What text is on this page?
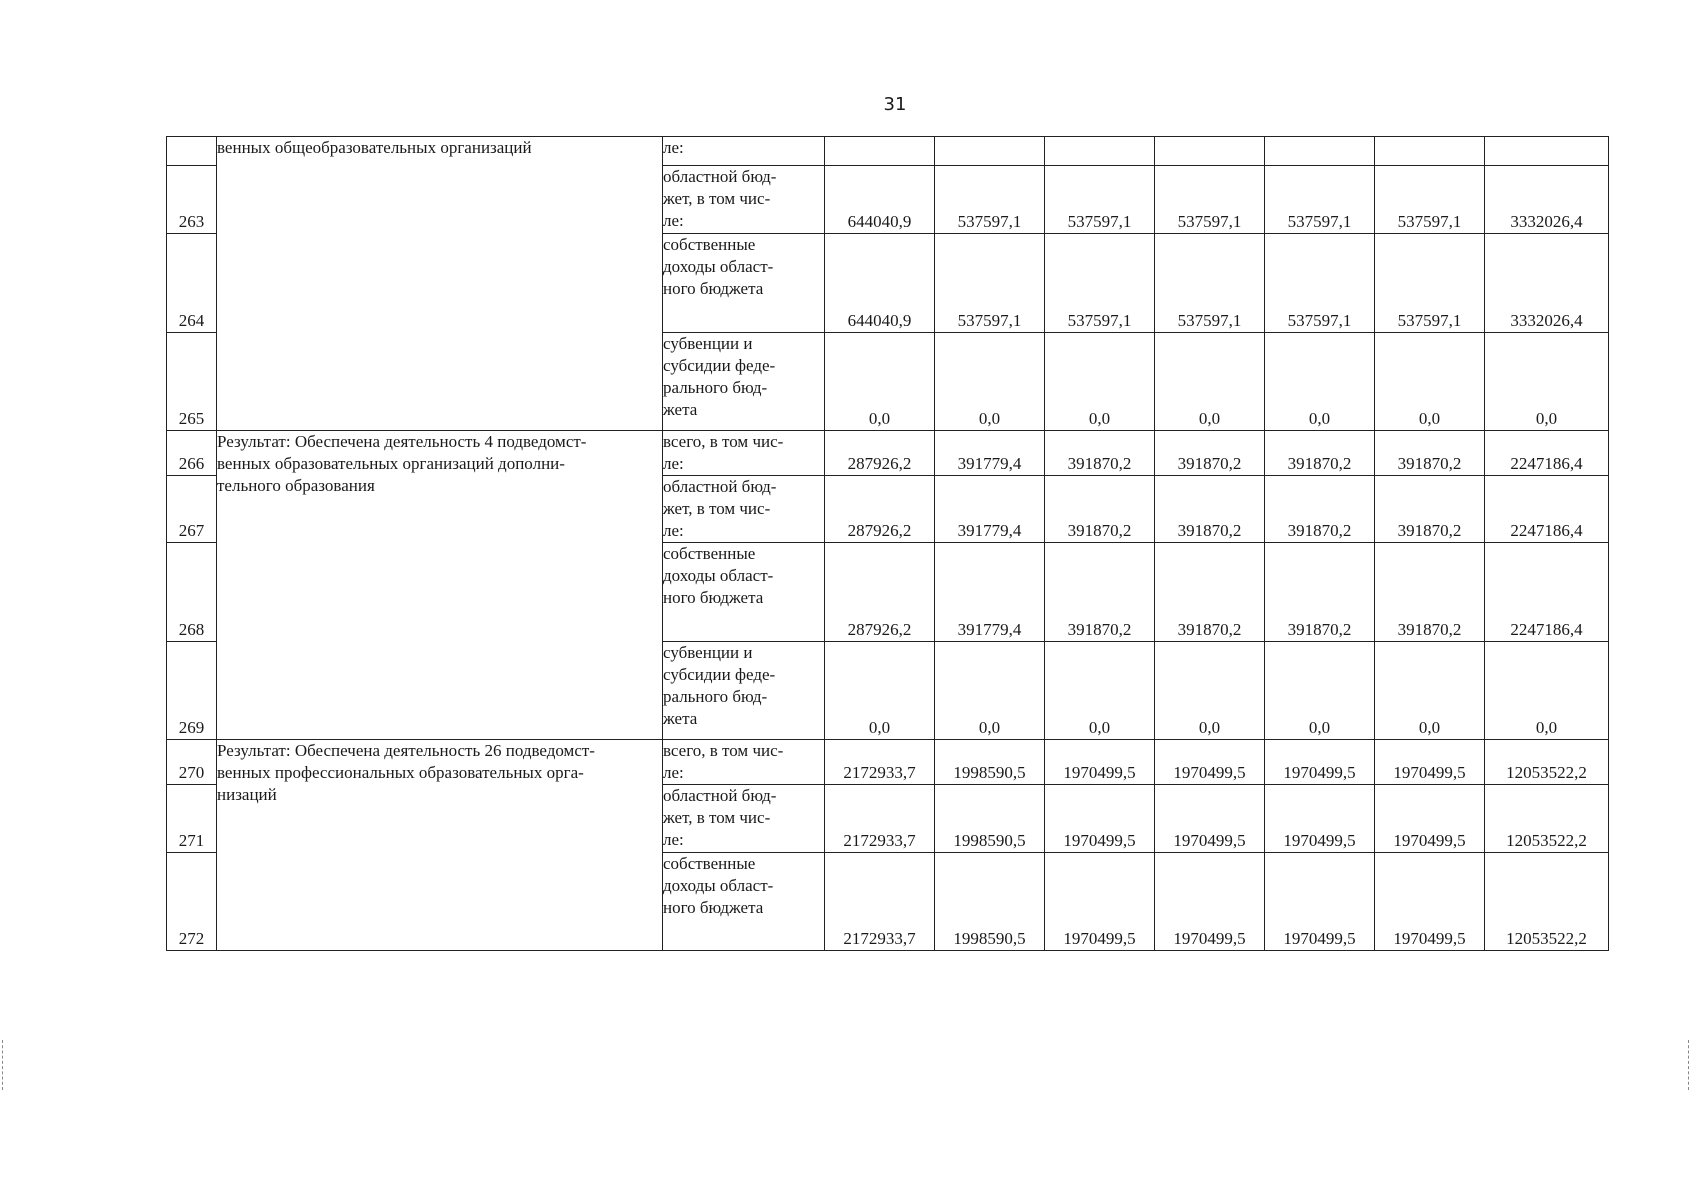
31
	венных общеобразовательных организаций	ле:							
263		областной бюд-
жет, в том чис-
ле:	644040,9	537597,1	537597,1	537597,1	537597,1	537597,1	3332026,4
264		собственные
доходы област-
ного бюджета	644040,9	537597,1	537597,1	537597,1	537597,1	537597,1	3332026,4
265		субвенции и
субсидии феде-
рального бюд-
жета	0,0	0,0	0,0	0,0	0,0	0,0	0,0
266	Результат: Обеспечена деятельность 4 подведомст-
венных образовательных организаций дополни-
тельного образования	всего, в том чис-
ле:	287926,2	391779,4	391870,2	391870,2	391870,2	391870,2	2247186,4
267		областной бюд-
жет, в том чис-
ле:	287926,2	391779,4	391870,2	391870,2	391870,2	391870,2	2247186,4
268		собственные
доходы област-
ного бюджета	287926,2	391779,4	391870,2	391870,2	391870,2	391870,2	2247186,4
269		субвенции и
субсидии феде-
рального бюд-
жета	0,0	0,0	0,0	0,0	0,0	0,0	0,0
270	Результат: Обеспечена деятельность 26 подведомст-
венных профессиональных образовательных орга-
низаций	всего, в том чис-
ле:	2172933,7	1998590,5	1970499,5	1970499,5	1970499,5	1970499,5	12053522,2
271		областной бюд-
жет, в том чис-
ле:	2172933,7	1998590,5	1970499,5	1970499,5	1970499,5	1970499,5	12053522,2
272		собственные
доходы област-
ного бюджета	2172933,7	1998590,5	1970499,5	1970499,5	1970499,5	1970499,5	12053522,2
